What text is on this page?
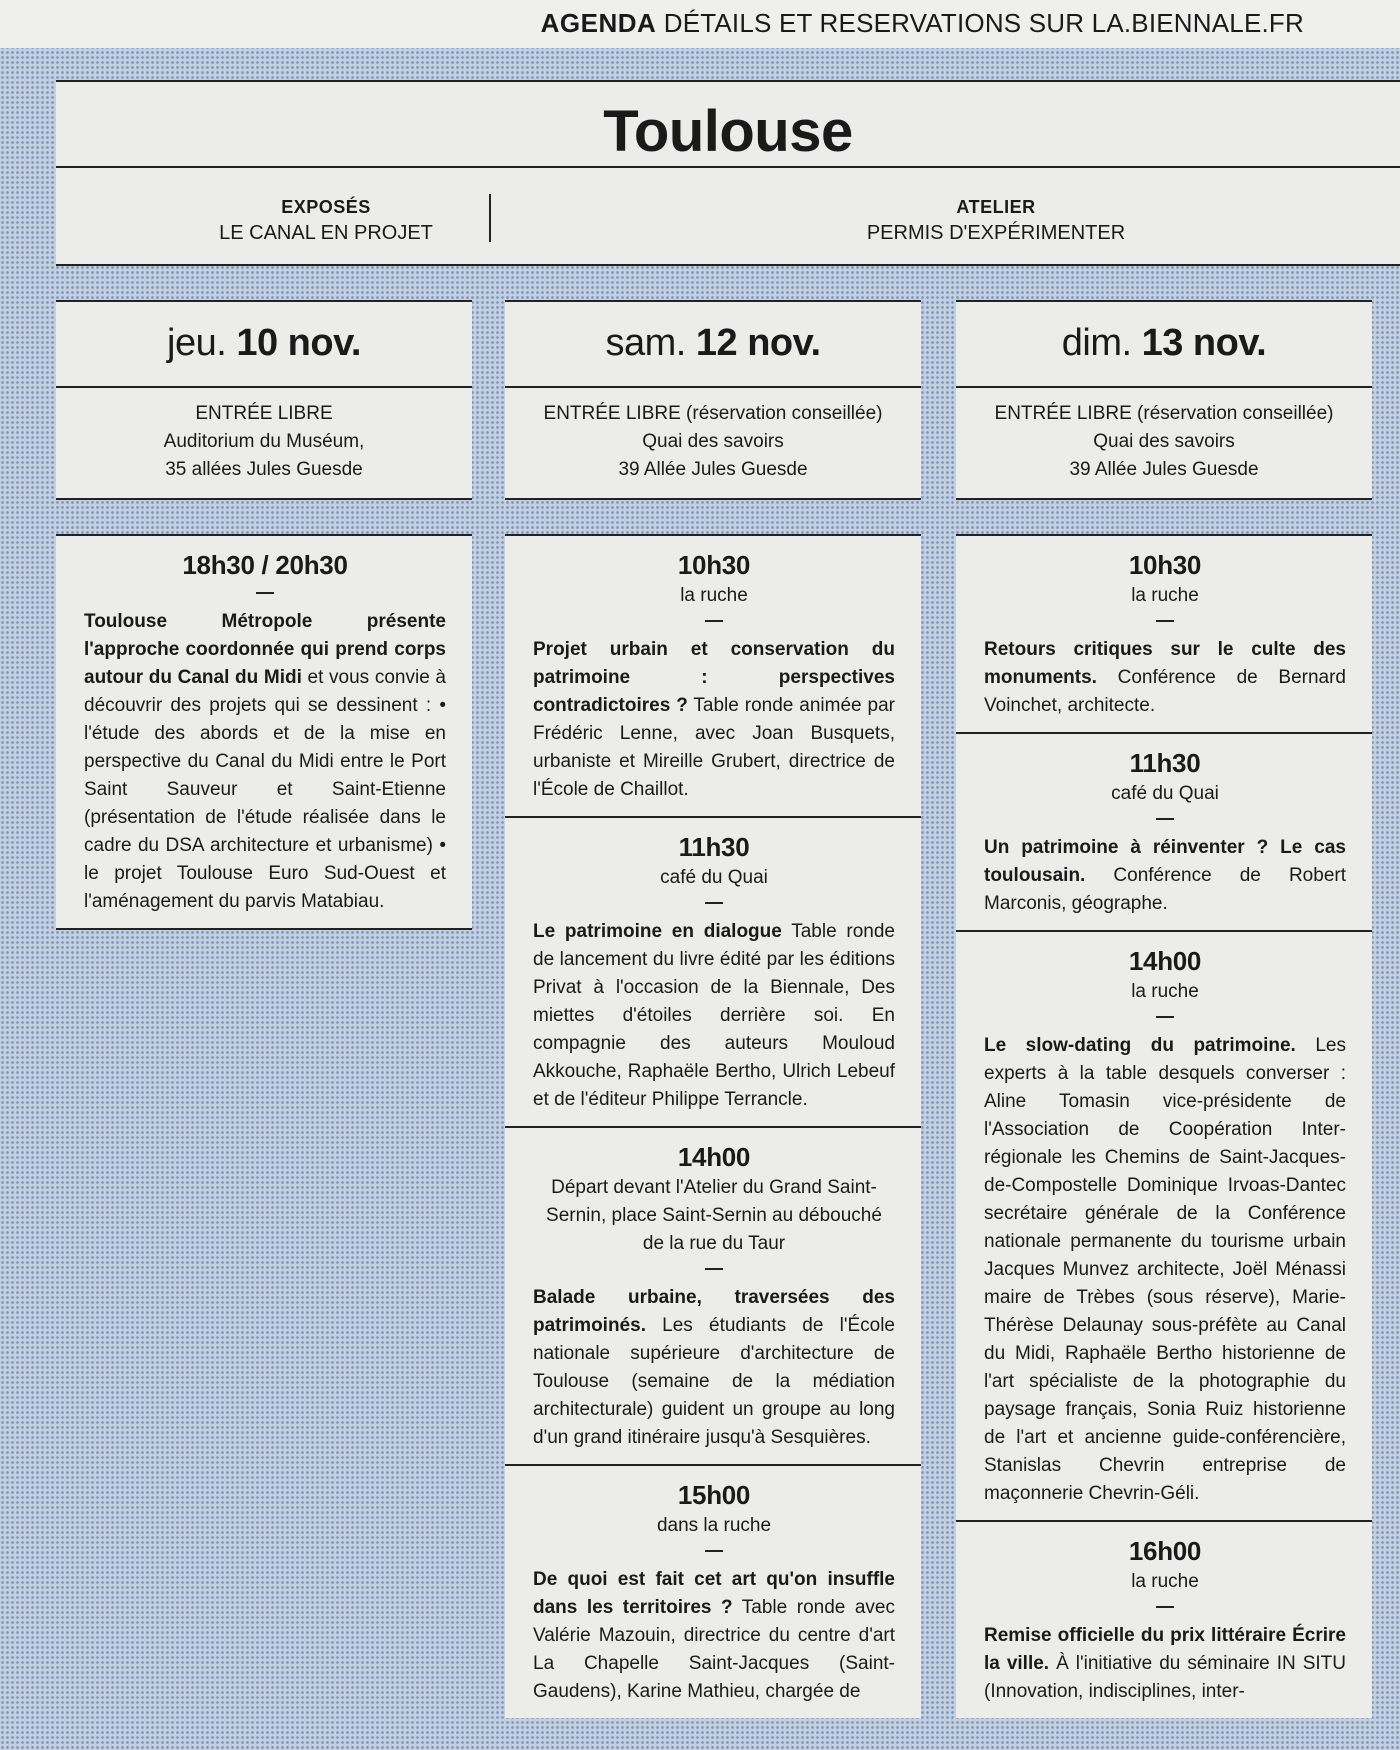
AGENDA DÉTAILS ET RESERVATIONS SUR LA.BIENNALE.FR
Toulouse
EXPOSÉS
LE CANAL EN PROJET
ATELIER
PERMIS D'EXPÉRIMENTER
jeu. 10 nov.
ENTRÉE LIBRE
Auditorium du Muséum,
35 allées Jules Guesde
sam. 12 nov.
ENTRÉE LIBRE (réservation conseillée)
Quai des savoirs
39 Allée Jules Guesde
dim. 13 nov.
ENTRÉE LIBRE (réservation conseillée)
Quai des savoirs
39 Allée Jules Guesde
18h30 / 20h30
Toulouse Métropole présente l'approche coordonnée qui prend corps autour du Canal du Midi et vous convie à découvrir des projets qui se dessinent : • l'étude des abords et de la mise en perspective du Canal du Midi entre le Port Saint Sauveur et Saint-Etienne (présentation de l'étude réalisée dans le cadre du DSA architecture et urbanisme) • le projet Toulouse Euro Sud-Ouest et l'aménagement du parvis Matabiau.
10h30
la ruche
Projet urbain et conservation du patrimoine : perspectives contradictoires ? Table ronde animée par Frédéric Lenne, avec Joan Busquets, urbaniste et Mireille Grubert, directrice de l'École de Chaillot.
11h30
café du Quai
Le patrimoine en dialogue Table ronde de lancement du livre édité par les éditions Privat à l'occasion de la Biennale, Des miettes d'étoiles derrière soi. En compagnie des auteurs Mouloud Akkouche, Raphaële Bertho, Ulrich Lebeuf et de l'éditeur Philippe Terrancle.
14h00
Départ devant l'Atelier du Grand Saint-Sernin, place Saint-Sernin au débouché de la rue du Taur
Balade urbaine, traversées des patrimoinés. Les étudiants de l'École nationale supérieure d'architecture de Toulouse (semaine de la médiation architecturale) guident un groupe au long d'un grand itinéraire jusqu'à Sesquières.
15h00
dans la ruche
De quoi est fait cet art qu'on insuffle dans les territoires ? Table ronde avec Valérie Mazouin, directrice du centre d'art La Chapelle Saint-Jacques (Saint-Gaudens), Karine Mathieu, chargée de
10h30
la ruche
Retours critiques sur le culte des monuments. Conférence de Bernard Voinchet, architecte.
11h30
café du Quai
Un patrimoine à réinventer ? Le cas toulousain. Conférence de Robert Marconis, géographe.
14h00
la ruche
Le slow-dating du patrimoine. Les experts à la table desquels converser : Aline Tomasin vice-présidente de l'Association de Coopération Inter-régionale les Chemins de Saint-Jacques-de-Compostelle Dominique Irvoas-Dantec secrétaire générale de la Conférence nationale permanente du tourisme urbain Jacques Munvez architecte, Joël Ménassi maire de Trèbes (sous réserve), Marie-Thérèse Delaunay sous-préfète au Canal du Midi, Raphaële Bertho historienne de l'art spécialiste de la photographie du paysage français, Sonia Ruiz historienne de l'art et ancienne guide-conférencière, Stanislas Chevrin entreprise de maçonnerie Chevrin-Géli.
16h00
la ruche
Remise officielle du prix littéraire Écrire la ville. À l'initiative du séminaire IN SITU (Innovation, indisciplines, inter-
